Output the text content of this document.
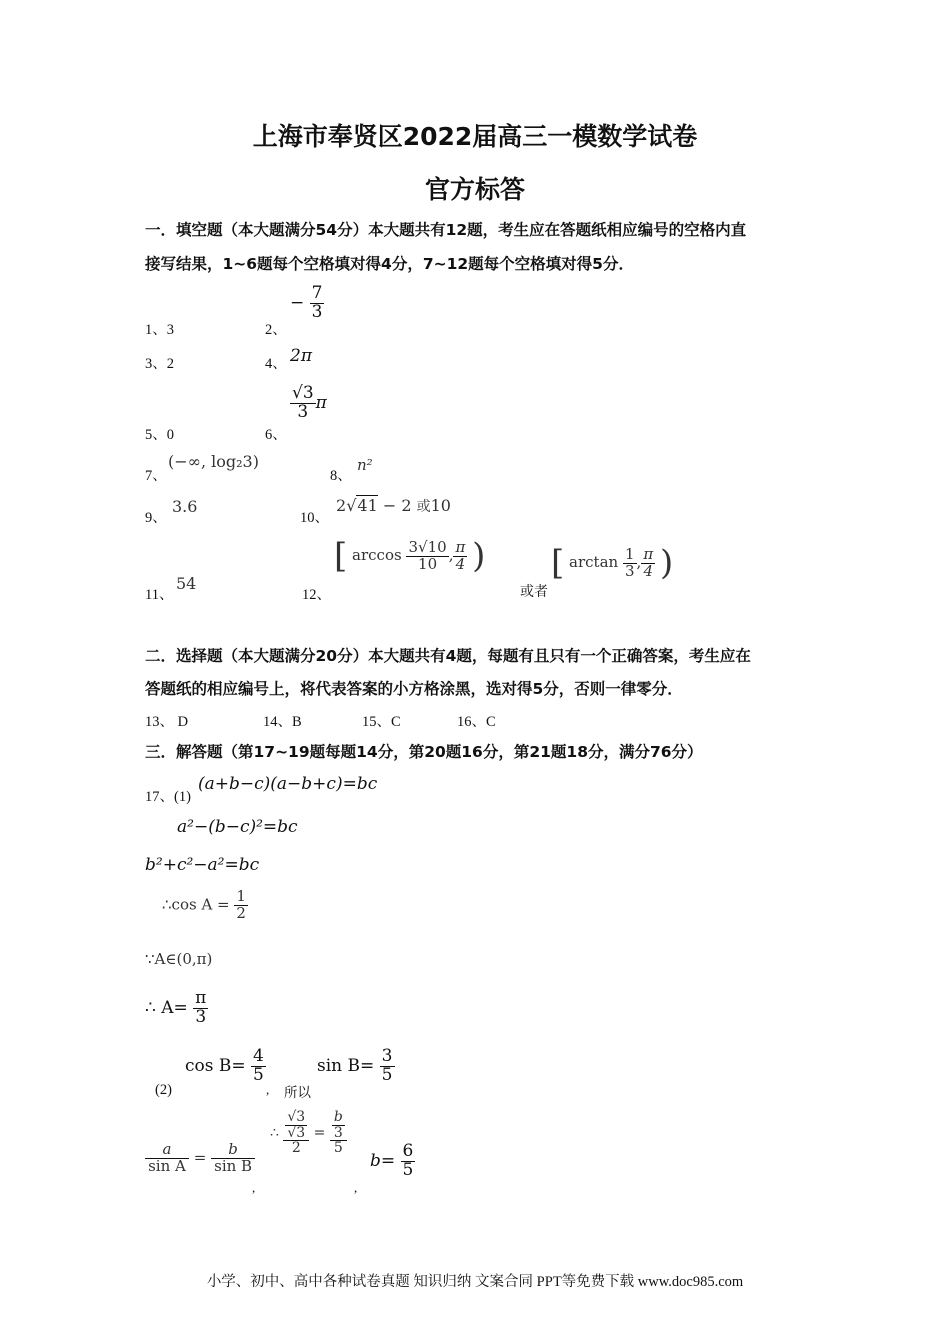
上海市奉贤区2022届高三一模数学试卷
官方标答
一．填空题（本大题满分54分）本大题共有12题，考生应在答题纸相应编号的空格内直
接写结果，1~6题每个空格填对得4分，7~12题每个空格填对得5分．
1、3	2、
− $\frac{7}{3}$
3、2	4、 2π
5、0	6、
$\frac{√3}{3}$ π
7、
(−∞, log₂3)
8、
n²
9、
3.6
10、
2√41 − 2 或10
11、
54
12、
[ $\arccos \frac{3√10}{10}$ , $\frac{\pi}{4}$ )
或者
[ $\arctan \frac{1}{3}$ , $\frac{\pi}{4}$ )
二．选择题（本大题满分20分）本大题共有4题，每题有且只有一个正确答案，考生应在
答题纸的相应编号上，将代表答案的小方格涂黑，选对得5分，否则一律零分．
13、 D	14、B	15、C	16、C
三．解答题（第17~19题每题14分，第20题16分，第21题18分，满分76分）
17、(1)
(a+b−c)(a−b+c)=bc
a²−(b−c)²=bc
b²+c²−a²=bc
∴cos $A = \frac{1}{2}$
∵A∈(0,π)
∴ $A= \frac{\pi}{3}$
(2)
$\cos B= \frac{4}{5}$
, 所以
$\sin B= \frac{3}{5}$
$\frac{a}{\text{sin A}} = \frac{b}{\text{sin B}}$
,
∴ $\frac{\frac{√3}{√3}}{2} = \frac{\frac{b}{3}}{5}$
,
$b= \frac{6}{5}$
小学、初中、高中各种试卷真题 知识归纳 文案合同 PPT等免费下载 www.doc985.com
